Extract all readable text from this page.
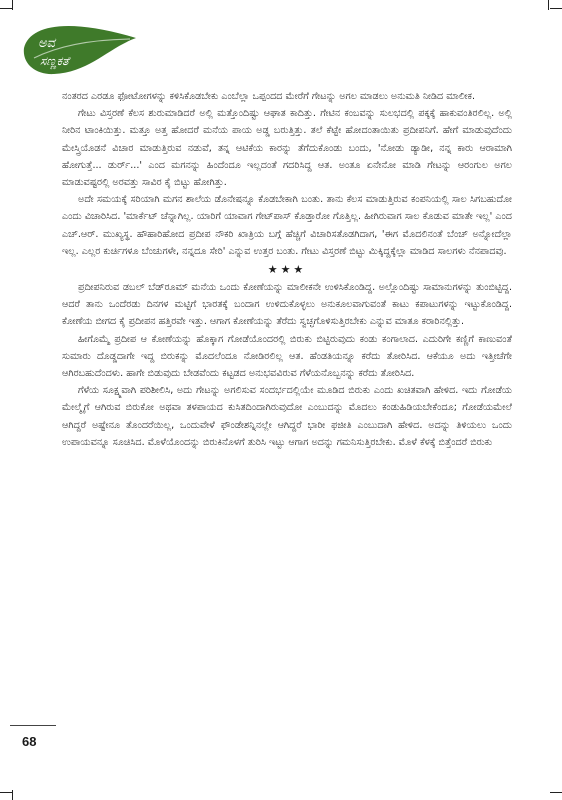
ಅವ
ಸಣ್ಣಕತೆ

ನಂತರದ ಎರಡೂ ಫೋಟೋಗಳನ್ನು ಕಳಿಸಿಕೊಡಬೇಕು ಎಂಬೆಲ್ಲಾ ಒಪ್ಪಂದದ ಮೇರೆಗೆ ಗೇಟನ್ನು ಅಗಲ ಮಾಡಲು ಅನುಮತಿ ನೀಡಿದ ಮಾಲೀಕ.

ಗೇಟು ವಿಸ್ತರಣೆ ಕೆಲಸ ಶುರುಮಾಡಿದರೆ ಅಲ್ಲಿ ಮತ್ತೊಂದಿಷ್ಟು ಆಘಾತ ಕಾದಿತ್ತು. ಗೇಟಿನ ಕಂಬವನ್ನು ಸುಲಭದಲ್ಲಿ ಪಕ್ಕಕ್ಕೆ ಹಾಕುವಂತಿರಲಿಲ್ಲ. ಅಲ್ಲಿ ನೀರಿನ ಟಾಂಕಿಯಿತ್ತು. ಮತ್ತೂ ಅತ್ತ ಹೋದರೆ ಮನೆಯ ಪಾಯ ಅಡ್ಡ ಬರುತ್ತಿತ್ತು. ತಲೆ ಕೆಟ್ಟೇ ಹೋದಂತಾಯಿತು ಪ್ರದೀಪನಿಗೆ. ಹೇಗೆ ಮಾಡುವುದೆಂದು ಮೇಸ್ತ್ರಿಯೊಡನೆ ವಿಚಾರ ಮಾಡುತ್ತಿರುವ ನಡುವೆ, ತನ್ನ ಆಟಿಕೆಯ ಕಾರನ್ನು ತೆಗೆದುಕೊಂಡು ಬಂದು, 'ನೋಡು ಡ್ಯಾಡೀ, ನನ್ನ ಕಾರು ಆರಾಮಾಗಿ ಹೋಗುತ್ತೆ... ಡುರ್ರ್...' ಎಂದ ಮಗನನ್ನು ಹಿಂದೆಂದೂ ಇಲ್ಲದಂತೆ ಗದರಿಸಿದ್ದ ಆತ. ಅಂತೂ ಏನೇನೋ ಮಾಡಿ ಗೇಟನ್ನು ಆರಂಗುಲ ಅಗಲ ಮಾಡುವಷ್ಟರಲ್ಲಿ ಅರವತ್ತು ಸಾವಿರ ಕೈ ಬಿಟ್ಟು ಹೋಗಿತ್ತು.

ಅದೇ ಸಮಯಕ್ಕೆ ಸರಿಯಾಗಿ ಮಗನ ಶಾಲೆಯ ಡೊನೇಷನ್ನೂ ಕೊಡಬೇಕಾಗಿ ಬಂತು. ತಾನು ಕೆಲಸ ಮಾಡುತ್ತಿರುವ ಕಂಪನಿಯಲ್ಲಿ ಸಾಲ ಸಿಗಬಹುದೋ ಎಂದು ವಿಚಾರಿಸಿದ. 'ಮಾರ್ಕೆಟ್ ಚೆನ್ನಾಗಿಲ್ಲ. ಯಾರಿಗೆ ಯಾವಾಗ ಗೇಟ್‌ಪಾಸ್ ಕೊಡ್ತಾರೋ ಗೊತ್ತಿಲ್ಲ. ಹೀಗಿರುವಾಗ ಸಾಲ ಕೊಡುವ ಮಾತೇ ಇಲ್ಲ' ಎಂದ ಎಚ್.ಆರ್. ಮುಖ್ಯಸ್ಥ. ಹೌಹಾರಿಹೋದ ಪ್ರದೀಪ ನೌಕರಿ ಖಾತ್ರಿಯ ಬಗ್ಗೆ ಹೆಚ್ಚಿಗೆ ವಿಚಾರಿಸತೊಡಗಿದಾಗ, 'ಈಗ ಮೊದಲಿನಂತೆ ಬೆಂಚ್ ಅನ್ನೋದೆಲ್ಲಾ ಇಲ್ಲ. ಎಲ್ಲರ ಕುರ್ಚಿಗಳೂ ಬೆಂಚುಗಳೇ, ನನ್ನದೂ ಸೇರಿ' ಎನ್ನುವ ಉತ್ತರ ಬಂತು. ಗೇಟು ವಿಸ್ತರಣೆ ಬಿಟ್ಟು ಮಿಕ್ಕಿದ್ದಕ್ಕೆಲ್ಲಾ ಮಾಡಿದ ಸಾಲಗಳು ನೆನಪಾದವು.

★★★

ಪ್ರದೀಪನಿರುವ ಡಬಲ್ ಬೆಡ್‌ರೂಮ್ ಮನೆಯ ಒಂದು ಕೋಣೆಯನ್ನು ಮಾಲೀಕನೇ ಉಳಿಸಿಕೊಂಡಿದ್ದ. ಅಲ್ಲೊಂದಿಷ್ಟು ಸಾಮಾನುಗಳನ್ನು ತುಂಬಿಟ್ಟಿದ್ದ. ಆದರೆ ತಾನು ಒಂದೆರಡು ದಿನಗಳ ಮಟ್ಟಿಗೆ ಭಾರತಕ್ಕೆ ಬಂದಾಗ ಉಳಿದುಕೊಳ್ಳಲು ಅನುಕೂಲವಾಗುವಂತೆ ಕಾಟು ಕಪಾಟುಗಳನ್ನು ಇಟ್ಟುಕೊಂಡಿದ್ದ. ಕೋಣೆಯ ಬೀಗದ ಕೈ ಪ್ರದೀಪನ ಹತ್ತಿರವೇ ಇತ್ತು. ಆಗಾಗ ಕೋಣೆಯನ್ನು ತೆರೆದು ಸ್ವಚ್ಛಗೊಳಿಸುತ್ತಿರಬೇಕು ಎನ್ನುವ ಮಾತೂ ಕರಾರಿನಲ್ಲಿತ್ತು.

ಹೀಗೊಮ್ಮೆ ಪ್ರದೀಪ ಆ ಕೋಣೆಯನ್ನು ಹೊಕ್ಕಾಗ ಗೋಡೆಯೊಂದರಲ್ಲಿ ಬಿರುಕು ಬಿಟ್ಟಿರುವುದು ಕಂಡು ಕಂಗಾಲಾದ. ಎದುರಿಗೇ ಕಣ್ಣಿಗೆ ಕಾಣುವಂತೆ ಸುಮಾರು ದೊಡ್ಡದಾಗೇ ಇದ್ದ ಬಿರುಕನ್ನು ಮೊದಲೆಂದೂ ನೋಡಿರಲಿಲ್ಲ ಆತ. ಹೆಂಡತಿಯನ್ನೂ ಕರೆದು ತೋರಿಸಿದ. ಆಕೆಯೂ ಅದು ಇತ್ತೀಚೆಗೇ ಆಗಿರಬಹುದೆಂದಳು. ಹಾಗೇ ಬಿಡುವುದು ಬೇಡವೆಂದು ಕಟ್ಟಡದ ಅನುಭವವಿರುವ ಗೆಳೆಯನೊಬ್ಬನನ್ನು ಕರೆದು ತೋರಿಸಿದ.

ಗೆಳೆಯ ಸೂಕ್ಷ್ಮವಾಗಿ ಪರಿಶೀಲಿಸಿ, ಅದು ಗೇಟನ್ನು ಅಗಲಿಸುವ ಸಂದರ್ಭದಲ್ಲಿಯೇ ಮೂಡಿದ ಬಿರುಕು ಎಂದು ಖಚಿತವಾಗಿ ಹೇಳಿದ. ಇದು ಗೋಡೆಯ ಮೇಲ್ಮೈಗೆ ಆಗಿರುವ ಬಿರುಕೋ ಅಥವಾ ತಳಪಾಯದ ಕುಸಿತದಿಂದಾಗಿರುವುದೋ ಎಂಬುದನ್ನು ಮೊದಲು ಕಂಡುಹಿಡಿಯಬೇಕೆಂದೂ; ಗೋಡೆಯಮೇಲೆ ಆಗಿದ್ದರೆ ಅಷ್ಟೇನೂ ತೊಂದರೆಯಿಲ್ಲ, ಒಂದುವೇಳೆ ಫೌಂಡೇಶನ್ನಿನಲ್ಲೇ ಆಗಿದ್ದರೆ ಭಾರೀ ಫಜೀತಿ ಎಂಬುದಾಗಿ ಹೇಳಿದ. ಅದನ್ನು ತಿಳಿಯಲು ಒಂದು ಉಪಾಯವನ್ನೂ ಸೂಚಿಸಿದ. ಮೊಳೆಯೊಂದನ್ನು ಬಿರುಕಿನೊಳಗೆ ತುರಿಸಿ ಇಟ್ಟು ಆಗಾಗ ಅದನ್ನು ಗಮನಿಸುತ್ತಿರಬೇಕು. ಮೊಳೆ ಕೆಳಕ್ಕೆ ಬಿತ್ತೆಂದರೆ ಬಿರುಕು

68
